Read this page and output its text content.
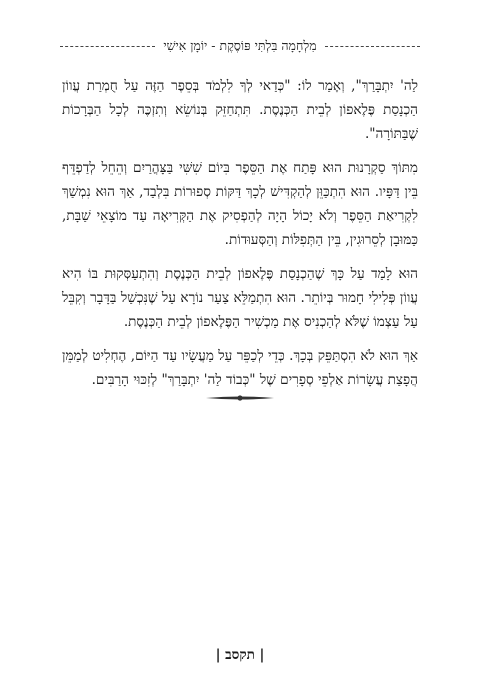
מִלְחָמָה בִּלְתִּי פּוֹסֶקֶת - יוֹמָן אִישִׁי

לַה' יִתְבָּרַךְ", וְאָמַר לוֹ: "כְּדַאי לְךָ לִלְמֹד בְּסֵפֶר הַזֶּה עַל חֻמְרַת עֲווֹן הַכְנָסַת פֶּלֶאפוֹן לְבֵית הַכְּנֶסֶת. תִּתְחַזֵּק בְּנוֹשֵׂא וְתִזְכֶּה לְכָל הַבְּרָכוֹת שֶׁבַּתּוֹרָה".

מִתּוֹךְ סַקְרָנוּת הוּא פָּתַח אֶת הַסֵּפֶר בִּיוֹם שִׁשִּׁי בַּצָּהֳרַיִם וְהֵחֵל לְדַפְדֵּף בֵּין דַּפָּיו. הוּא הִתְכַּוֵּן לְהַקְדִּישׁ לְכָךְ דַּקּוֹת סְפוּרוֹת בִּלְבַד, אַךְ הוּא נִמְשַׁךְ לִקְרִיאַת הַסֵּפֶר וְלֹא יָכוֹל הָיָה לְהַפְסִיק אֶת הַקְּרִיאָה עַד מוֹצָאֵי שַׁבָּת, כַּמּוּבָן לְסֵרוּגִין, בֵּין הַתְּפִלּוֹת וְהַסְּעוּדוֹת.

הוּא לָמַד עַל כָּךְ שֶׁהַכְנָסַת פֶּלֶאפוֹן לְבֵית הַכְּנֶסֶת וְהִתְעַסְּקוּת בּוֹ הִיא עֲווֹן פְּלִילִי חָמוּר בְּיוֹתֵר. הוּא הִתְמַלֵּא צַעַר נוֹרָא עַל שֶׁנִּכְשַׁל בַּדָּבָר וְקִבֵּל עַל עַצְמוֹ שֶׁלֹּא לְהַכְנִיס אֶת מַכְשִׁיר הַפֶּלֶאפוֹן לְבֵית הַכְּנֶסֶת.

אַךְ הוּא לֹא הִסְתַּפֵּק בְּכָךְ. כְּדֵי לְכַפֵּר עַל מַעֲשָׂיו עַד הַיּוֹם, הֶחְלִיט לְמַמֵּן הֲפָצַת עֲשָׂרוֹת אַלְפֵי סְפָרִים שֶׁל "כְּבוֹד לַה' יִתְבָּרַךְ" לְזִכּוּי הָרַבִּים.

| תקסב |
